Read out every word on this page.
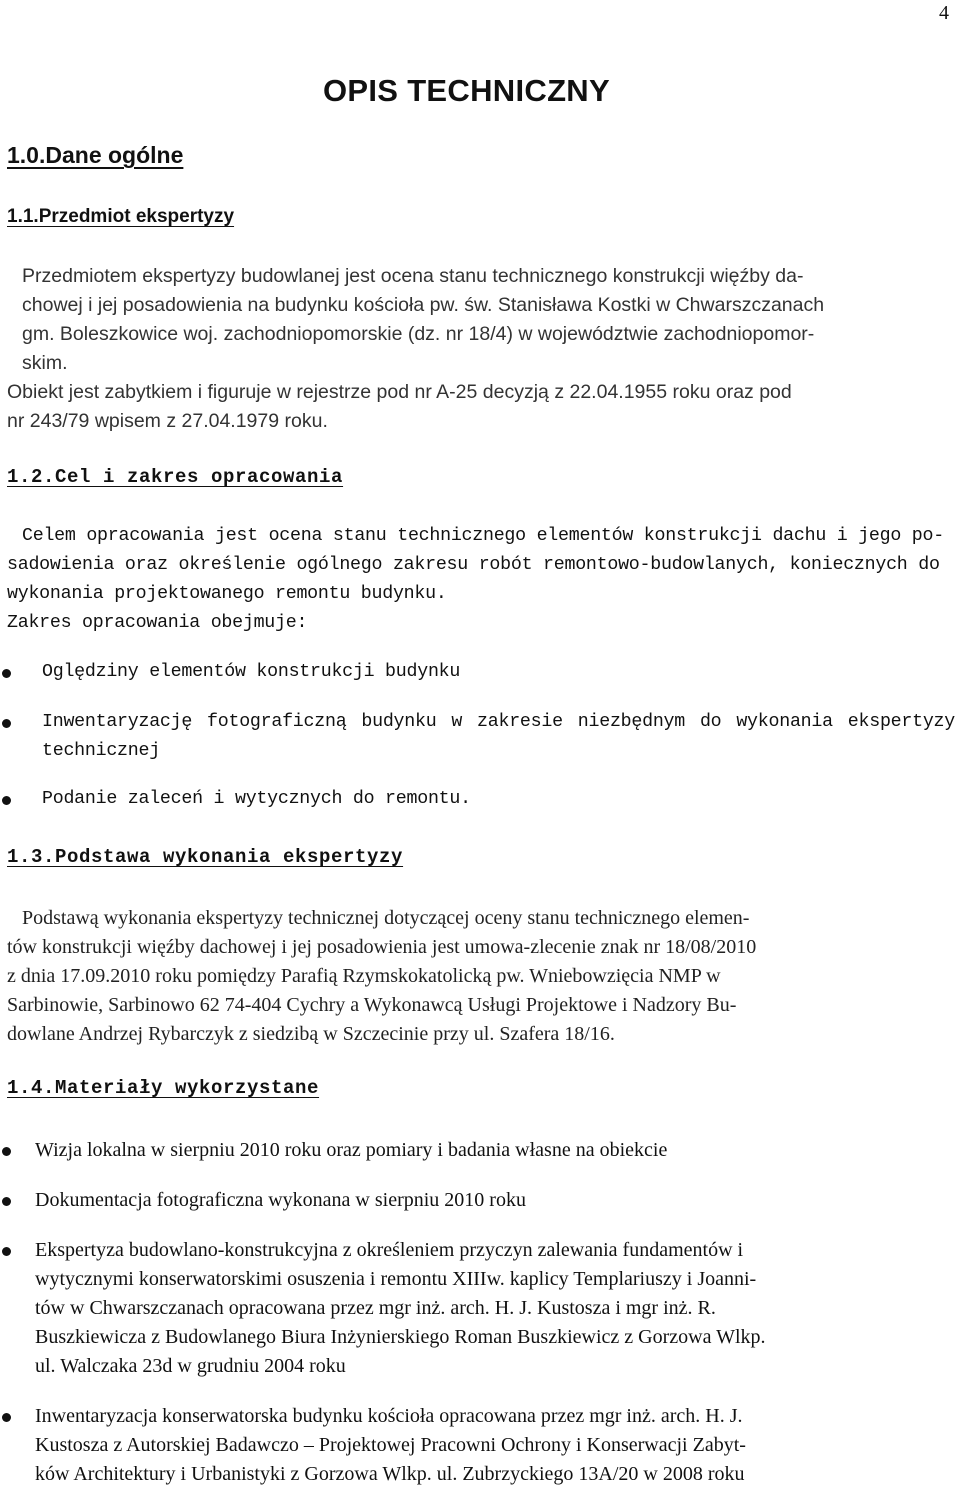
4
OPIS TECHNICZNY
1.0.Dane ogólne
1.1.Przedmiot ekspertyzy
Przedmiotem ekspertyzy budowlanej jest ocena stanu technicznego konstrukcji więźby da-
chowej i jej posadowienia na budynku kościoła pw. św. Stanisława Kostki w Chwarszczanach
gm. Boleszkowice woj. zachodniopomorskie (dz. nr 18/4) w województwie zachodniopomor-
skim.
Obiekt jest zabytkiem i figuruje w rejestrze pod nr A-25 decyzją z 22.04.1955 roku oraz pod
nr 243/79 wpisem z 27.04.1979 roku.
1.2.Cel i zakres opracowania
Celem opracowania jest ocena stanu technicznego elementów konstrukcji dachu i jego po-
sadowienia oraz określenie ogólnego zakresu robót remontowo-budowlanych, koniecznych do
wykonania projektowanego remontu budynku.
Zakres opracowania obejmuje:
Oględziny elementów konstrukcji budynku
Inwentaryzację fotograficzną budynku w zakresie niezbędnym do wykonania ekspertyzy technicznej
Podanie zaleceń i wytycznych do remontu.
1.3.Podstawa wykonania ekspertyzy
Podstawą wykonania ekspertyzy technicznej dotyczącej oceny stanu technicznego elemen-
tów konstrukcji więźby dachowej i jej posadowienia jest umowa-zlecenie znak nr 18/08/2010
z dnia 17.09.2010 roku pomiędzy Parafią Rzymskokatolicką pw. Wniebowzięcia NMP w
Sarbinowie, Sarbinowo 62 74-404 Cychry a Wykonawcą Usługi Projektowe i Nadzory Bu-
dowlane Andrzej Rybarczyk z siedzibą w Szczecinie przy ul. Szafera 18/16.
1.4.Materiały wykorzystane
Wizja lokalna w sierpniu 2010 roku oraz pomiary i badania własne na obiekcie
Dokumentacja fotograficzna wykonana w sierpniu 2010 roku
Ekspertyza budowlano-konstrukcyjna z określeniem przyczyn zalewania fundamentów i
wytycznymi konserwatorskimi osuszenia i remontu XIIIw. kaplicy Templariuszy i Joanni-
tów w Chwarszczanach opracowana przez mgr inż. arch. H. J. Kustosza i mgr inż. R.
Buszkiewicza z Budowlanego Biura Inżynierskiego Roman Buszkiewicz z Gorzowa Wlkp.
ul. Walczaka 23d w grudniu 2004 roku
Inwentaryzacja konserwatorska budynku kościoła opracowana przez mgr inż. arch. H. J.
Kustosza z Autorskiej Badawczo – Projektowej Pracowni Ochrony i Konserwacji Zabyt-
ków Architektury i Urbanistyki z Gorzowa Wlkp. ul. Zubrzyckiego 13A/20 w 2008 roku
